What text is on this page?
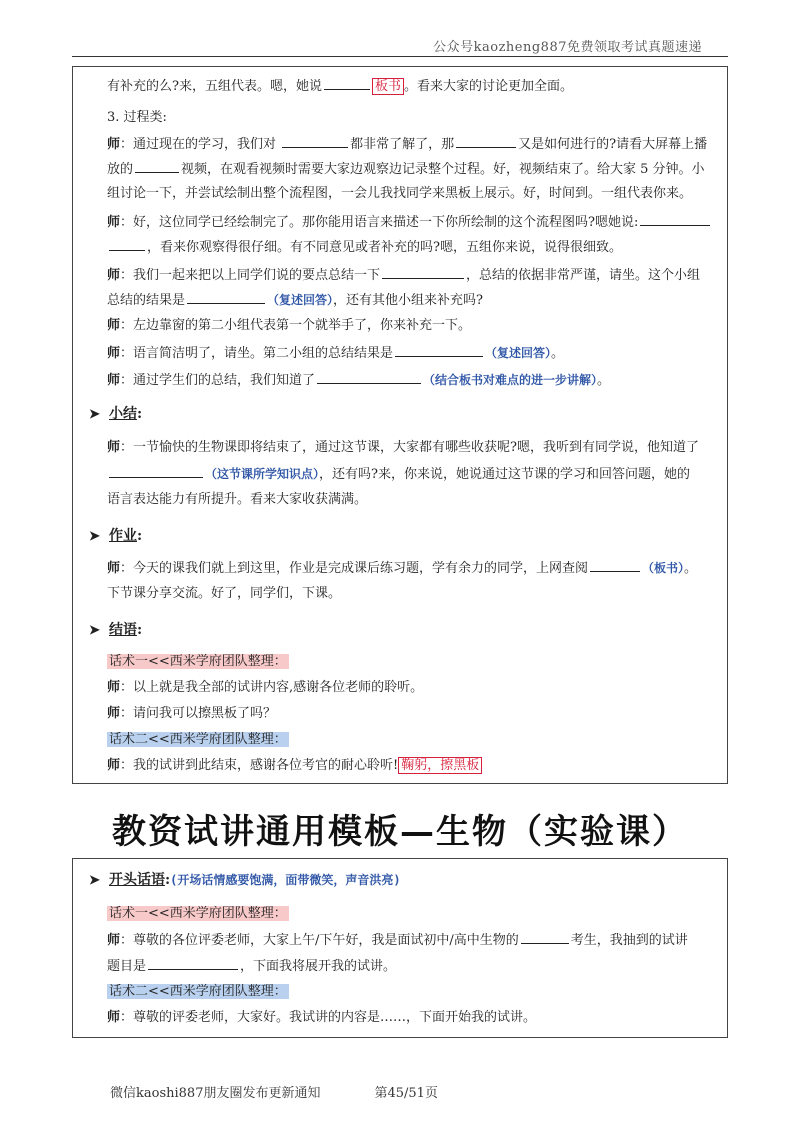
公众号kaozheng887免费领取考试真题速递
有补充的么?来，五组代表。嗯，她说	板书 。看来大家的讨论更加全面。
3. 过程类:
师：通过现在的学习，我们对	都非常了解了，那	又是如何进行的?请看大屏幕上播
放的	视频，在观看视频时需要大家边观察边记录整个过程。好，视频结束了。给大家 5 分钟。小
组讨论一下，并尝试绘制出整个流程图，一会儿我找同学来黑板上展示。好，时间到。一组代表你来。
师：好，这位同学已经绘制完了。那你能用语言来描述一下你所绘制的这个流程图吗?嗯她说:
，看来你观察得很仔细。有不同意见或者补充的吗?嗯，五组你来说，说得很细致。
师：我们一起来把以上同学们说的要点总结一下	，总结的依据非常严谨，请坐。这个小组
总结的结果是	（复述回答），还有其他小组来补充吗?
师：左边靠窗的第二小组代表第一个就举手了，你来补充一下。
师：语言简洁明了，请坐。第二小组的总结结果是	（复述回答）。
师：通过学生们的总结，我们知道了	（结合板书对难点的进一步讲解）。
➤ 小结:
师：一节愉快的生物课即将结束了，通过这节课，大家都有哪些收获呢?嗯，我听到有同学说，他知道了
（这节课所学知识点），还有吗?来，你来说，她说通过这节课的学习和回答问题，她的
语言表达能力有所提升。看来大家收获满满。
➤ 作业:
师：今天的课我们就上到这里，作业是完成课后练习题，学有余力的同学，上网查阅	（板书）。
下节课分享交流。好了，同学们，下课。
➤ 结语:
话术一<<西米学府团队整理：
师：以上就是我全部的试讲内容,感谢各位老师的聆听。
师：请问我可以擦黑板了吗？
话术二<<西米学府团队整理：
师：我的试讲到此结束，感谢各位考官的耐心聆听! 鞠躬，擦黑板
教资试讲通用模板—生物（实验课）
➤ 开头话语:(开场话情感要饱满，面带微笑，声音洪亮)
话术一<<西米学府团队整理：
师：尊敬的各位评委老师，大家上午/下午好，我是面试初中/高中生物的	考生，我抽到的试讲
题目是	，下面我将展开我的试讲。
话术二<<西米学府团队整理：
师：尊敬的评委老师，大家好。我试讲的内容是……，下面开始我的试讲。
微信kaoshi887朋友圈发布更新通知	第45/51页
